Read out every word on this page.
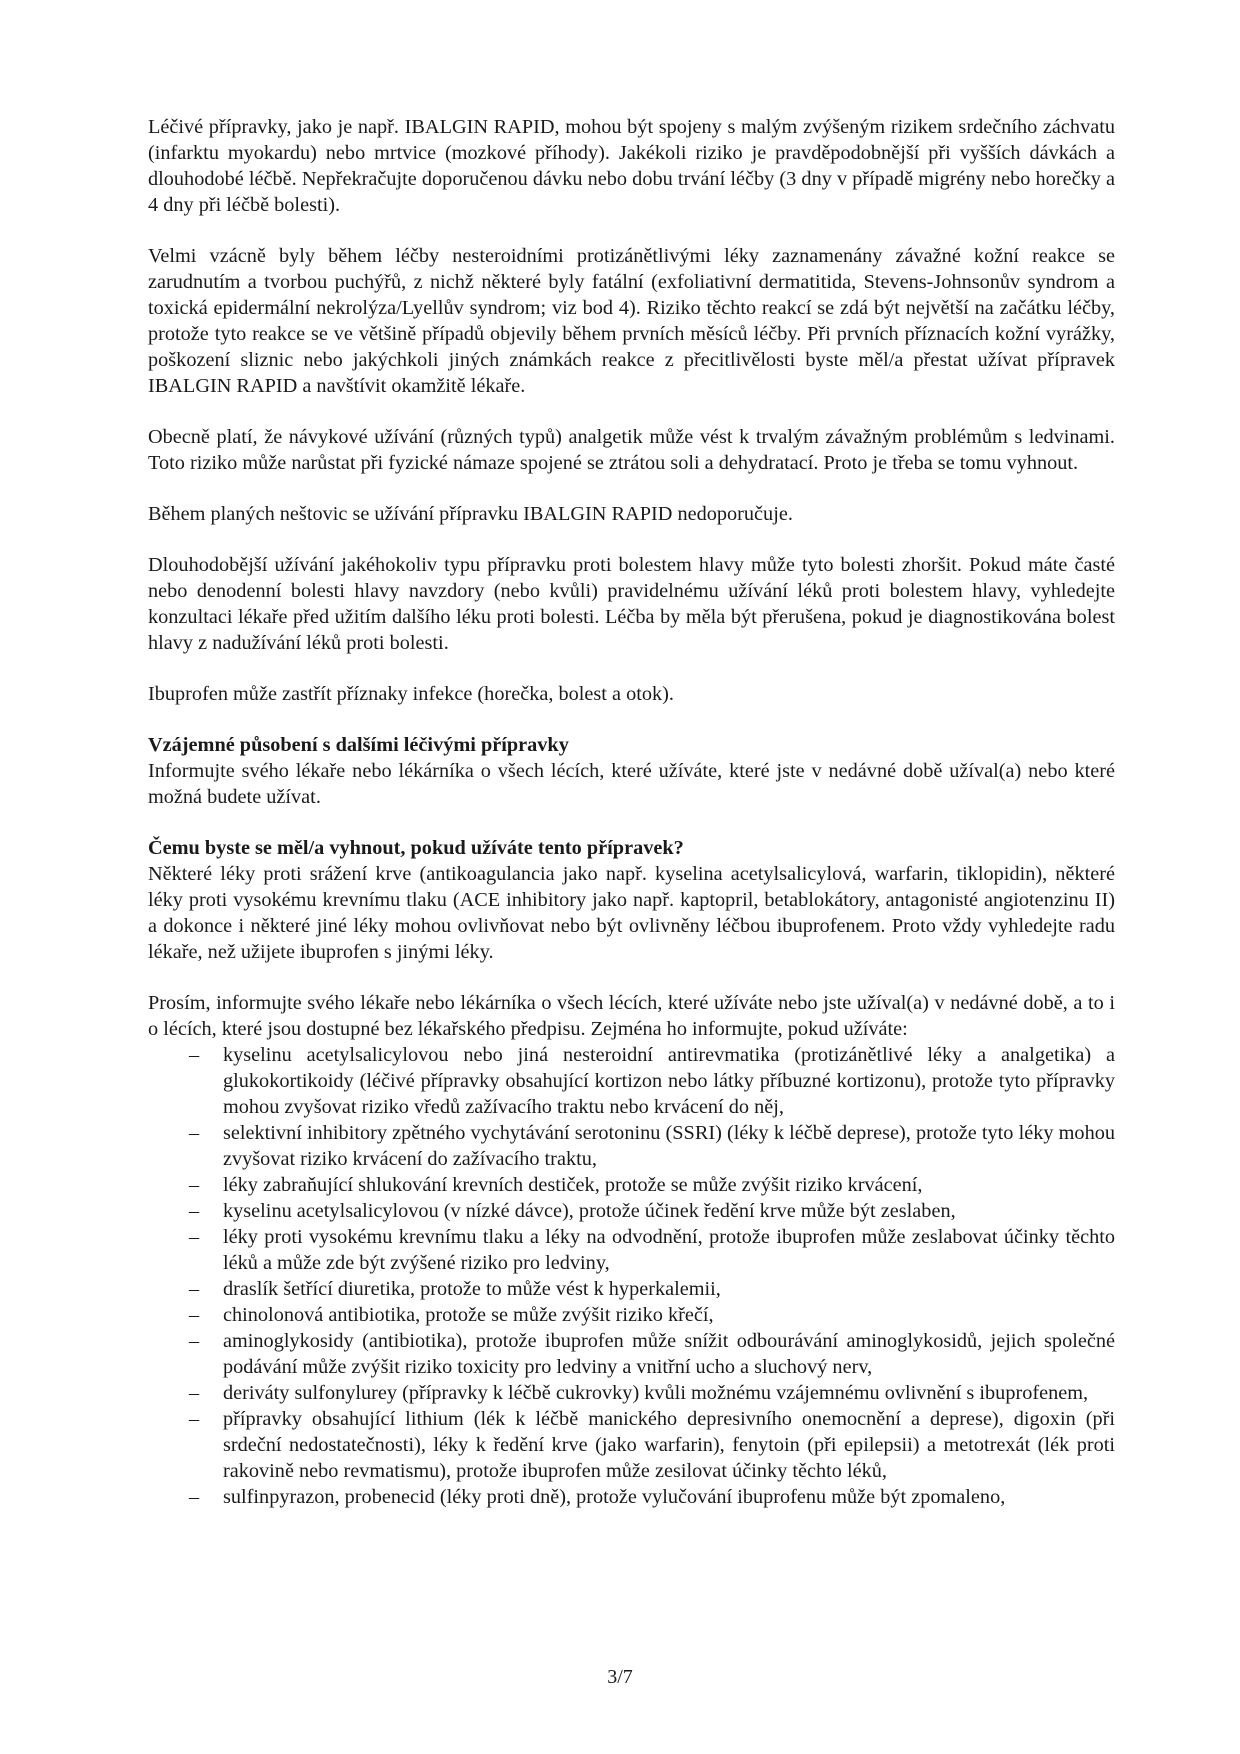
Léčivé přípravky, jako je např. IBALGIN RAPID, mohou být spojeny s malým zvýšeným rizikem srdečního záchvatu (infarktu myokardu) nebo mrtvice (mozkové příhody). Jakékoli riziko je pravděpodobnější při vyšších dávkách a dlouhodobé léčbě. Nepřekračujte doporučenou dávku nebo dobu trvání léčby (3 dny v případě migrény nebo horečky a 4 dny při léčbě bolesti).

Velmi vzácně byly během léčby nesteroidními protizánětlivými léky zaznamenány závažné kožní reakce se zarudnutím a tvorbou puchýřů, z nichž některé byly fatální (exfoliativní dermatitida, Stevens-Johnsonův syndrom a toxická epidermální nekrolýza/Lyellův syndrom; viz bod 4). Riziko těchto reakcí se zdá být největší na začátku léčby, protože tyto reakce se ve většině případů objevily během prvních měsíců léčby. Při prvních příznacích kožní vyrážky, poškození sliznic nebo jakýchkoli jiných známkách reakce z přecitlivělosti byste měl/a přestat užívat přípravek IBALGIN RAPID a navštívit okamžitě lékaře.

Obecně platí, že návykové užívání (různých typů) analgetik může vést k trvalým závažným problémům s ledvinami. Toto riziko může narůstat při fyzické námaze spojené se ztrátou soli a dehydratací. Proto je třeba se tomu vyhnout.

Během planých neštovic se užívání přípravku IBALGIN RAPID nedoporučuje.

Dlouhodobější užívání jakéhokoliv typu přípravku proti bolestem hlavy může tyto bolesti zhoršit. Pokud máte časté nebo denodenní bolesti hlavy navzdory (nebo kvůli) pravidelnému užívání léků proti bolestem hlavy, vyhledejte konzultaci lékaře před užitím dalšího léku proti bolesti. Léčba by měla být přerušena, pokud je diagnostikována bolest hlavy z nadužívání léků proti bolesti.

Ibuprofen může zastřít příznaky infekce (horečka, bolest a otok).

Vzájemné působení s dalšími léčivými přípravky

Informujte svého lékaře nebo lékárníka o všech lécích, které užíváte, které jste v nedávné době užíval(a) nebo které možná budete užívat.

Čemu byste se měl/a vyhnout, pokud užíváte tento přípravek?

Některé léky proti srážení krve (antikoagulancia jako např. kyselina acetylsalicylová, warfarin, tiklopidin), některé léky proti vysokému krevnímu tlaku (ACE inhibitory jako např. kaptopril, betablokátory, antagonisté angiotenzinu II) a dokonce i některé jiné léky mohou ovlivňovat nebo být ovlivněny léčbou ibuprofenem. Proto vždy vyhledejte radu lékaře, než užijete ibuprofen s jinými léky.

Prosím, informujte svého lékaře nebo lékárníka o všech lécích, které užíváte nebo jste užíval(a) v nedávné době, a to i o lécích, které jsou dostupné bez lékařského předpisu. Zejména ho informujte, pokud užíváte:

– kyselinu acetylsalicylovou nebo jiná nesteroidní antirevmatika (protizánětlivé léky a analgetika) a glukokortikoidy (léčivé přípravky obsahující kortizon nebo látky příbuzné kortizonu), protože tyto přípravky mohou zvyšovat riziko vředů zažívacího traktu nebo krvácení do něj,
– selektivní inhibitory zpětného vychytávání serotoninu (SSRI) (léky k léčbě deprese), protože tyto léky mohou zvyšovat riziko krvácení do zažívacího traktu,
– léky zabraňující shlukování krevních destiček, protože se může zvýšit riziko krvácení,
– kyselinu acetylsalicylovou (v nízké dávce), protože účinek ředění krve může být zeslaben,
– léky proti vysokému krevnímu tlaku a léky na odvodnění, protože ibuprofen může zeslabovat účinky těchto léků a může zde být zvýšené riziko pro ledviny,
– draslík šetřící diuretika, protože to může vést k hyperkalemii,
– chinolonová antibiotika, protože se může zvýšit riziko křečí,
– aminoglykosidy (antibiotika), protože ibuprofen může snížit odbourávání aminoglykosidů, jejich společné podávání může zvýšit riziko toxicity pro ledviny a vnitřní ucho a sluchový nerv,
– deriváty sulfonylurey (přípravky k léčbě cukrovky) kvůli možnému vzájemnému ovlivnění s ibuprofenem,
– přípravky obsahující lithium (lék k léčbě manického depresivního onemocnění a deprese), digoxin (při srdeční nedostatečnosti), léky k ředění krve (jako warfarin), fenytoin (při epilepsii) a metotrexát (lék proti rakovině nebo revmatismu), protože ibuprofen může zesilovat účinky těchto léků,
– sulfinpyrazon, probenecid (léky proti dně), protože vylučování ibuprofenu může být zpomaleno,
3/7
